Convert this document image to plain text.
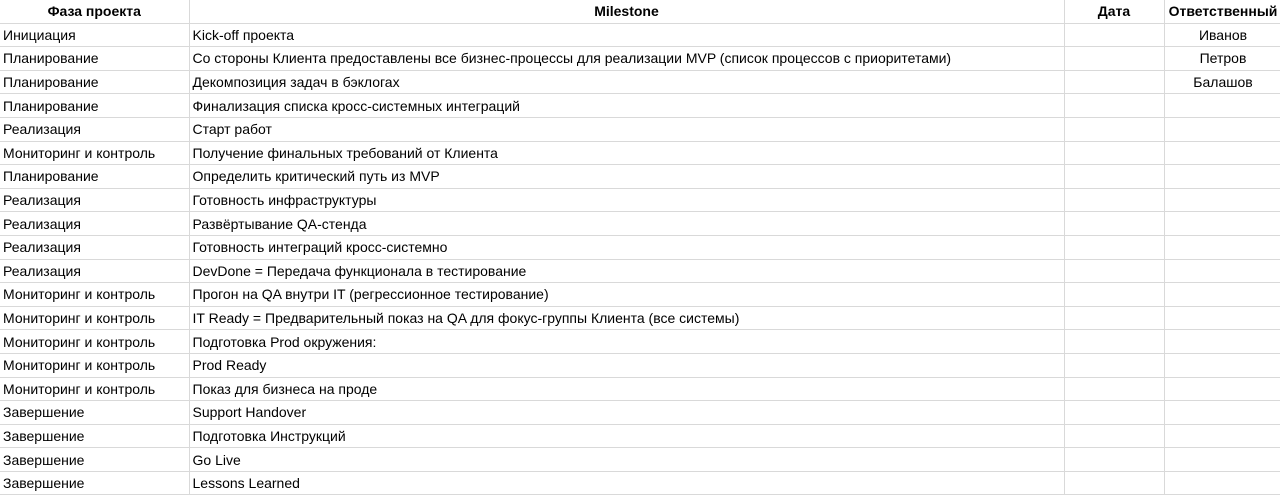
Фаза проекта	Milestone	Дата	Ответственный
Инициация	Kick-off проекта		Иванов
Планирование	Со стороны Клиента предоставлены все бизнес-процессы для реализации MVP (список процессов с приоритетами)		Петров
Планирование	Декомпозиция задач в бэклогах		Балашов
Планирование	Финализация списка кросс-системных интеграций		
Реализация	Старт работ		
Мониторинг и контроль	Получение финальных требований от Клиента		
Планирование	Определить критический путь из MVP		
Реализация	Готовность инфраструктуры		
Реализация	Развёртывание QA-стенда		
Реализация	Готовность интеграций кросс-системно		
Реализация	DevDone = Передача функционала в тестирование		
Мониторинг и контроль	Прогон на QA внутри IT (регрессионное тестирование)		
Мониторинг и контроль	IT Ready = Предварительный показ на QA для фокус-группы Клиента (все системы)		
Мониторинг и контроль	Подготовка Prod окружения:		
Мониторинг и контроль	Prod Ready		
Мониторинг и контроль	Показ для бизнеса на проде		
Завершение	Support Handover		
Завершение	Подготовка Инструкций		
Завершение	Go Live		
Завершение	Lessons Learned		
